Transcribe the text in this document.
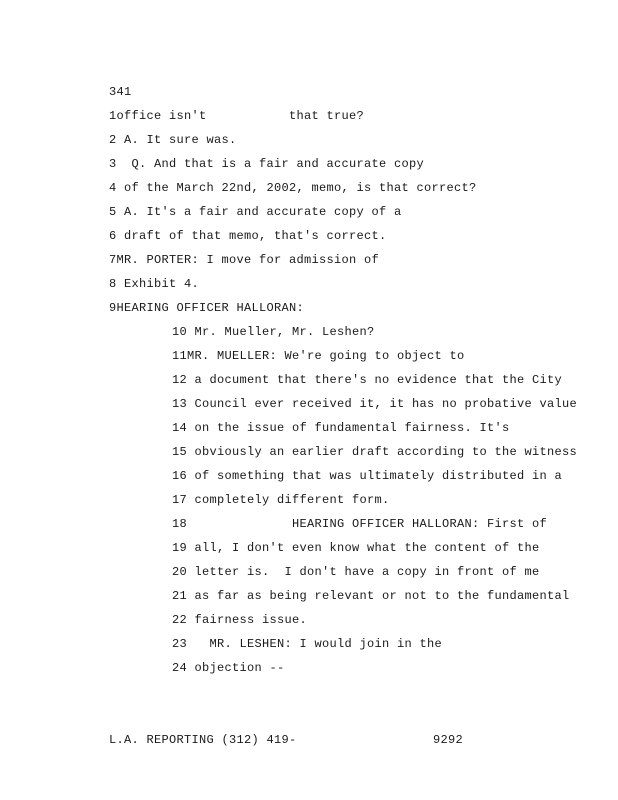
341
1office isn't           that true?
2 A. It sure was.
3  Q. And that is a fair and accurate copy
4 of the March 22nd, 2002, memo, is that correct?
5 A. It's a fair and accurate copy of a
6 draft of that memo, that's correct.
7MR. PORTER: I move for admission of
8 Exhibit 4.
9HEARING OFFICER HALLORAN:
10 Mr. Mueller, Mr. Leshen?
11MR. MUELLER: We're going to object to
12 a document that there's no evidence that the City
13 Council ever received it, it has no probative value
14 on the issue of fundamental fairness. It's
15 obviously an earlier draft according to the witness
16 of something that was ultimately distributed in a
17 completely different form.
18              HEARING OFFICER HALLORAN: First of
19 all, I don't even know what the content of the
20 letter is.  I don't have a copy in front of me
21 as far as being relevant or not to the fundamental
22 fairness issue.
23   MR. LESHEN: I would join in the
24 objection --
L.A. REPORTING (312) 419-	9292
